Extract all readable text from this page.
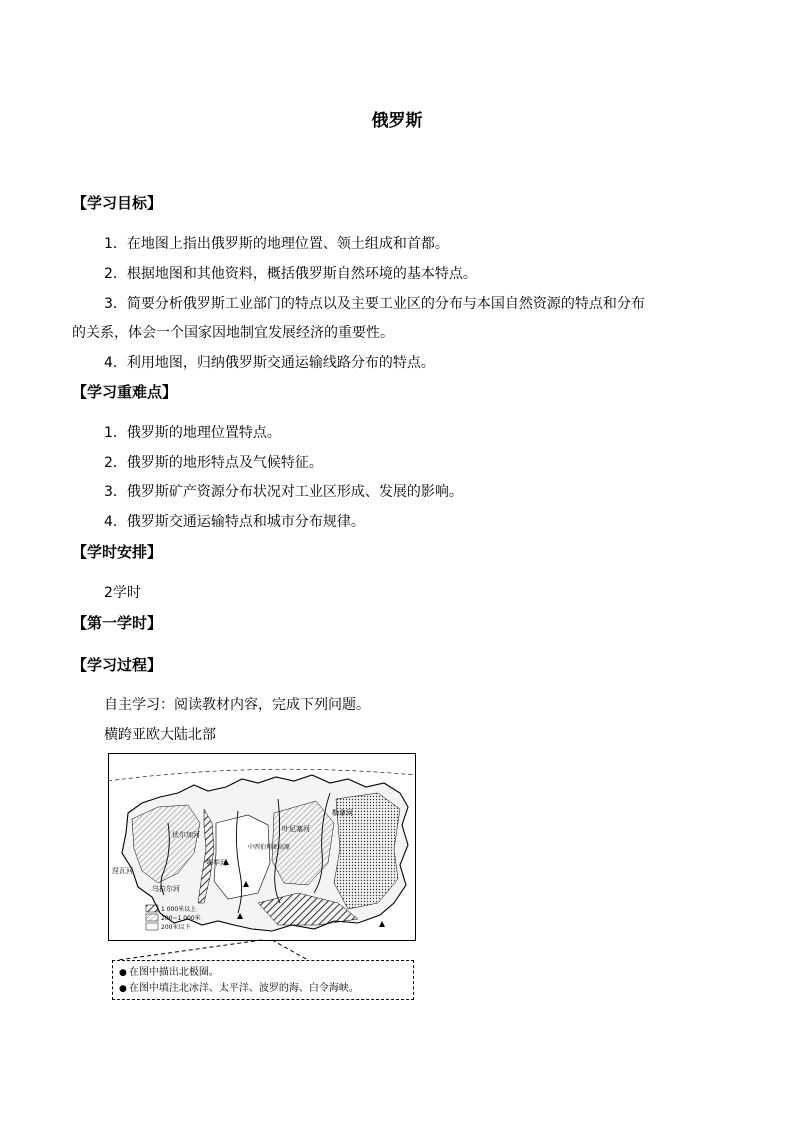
俄罗斯
【学习目标】
1．在地图上指出俄罗斯的地理位置、领土组成和首都。
2．根据地图和其他资料，概括俄罗斯自然环境的基本特点。
3．简要分析俄罗斯工业部门的特点以及主要工业区的分布与本国自然资源的特点和分布
的关系，体会一个国家因地制宜发展经济的重要性。
4．利用地图，归纳俄罗斯交通运输线路分布的特点。
【学习重难点】
1．俄罗斯的地理位置特点。
2．俄罗斯的地形特点及气候特征。
3．俄罗斯矿产资源分布状况对工业区形成、发展的影响。
4．俄罗斯交通运输特点和城市分布规律。
【学时安排】
2学时
【第一学时】
【学习过程】
自主学习：阅读教材内容，完成下列问题。
横跨亚欧大陆北部
伏尔加河
鄂毕河
叶尼塞河
勒拿河
乌拉尔河
涅瓦河
中西伯利亚高原
1 000米以上
200~1 000米
200米以下
● 在图中描出北极圈。
● 在图中填注北冰洋、太平洋、波罗的海、白令海峡。
